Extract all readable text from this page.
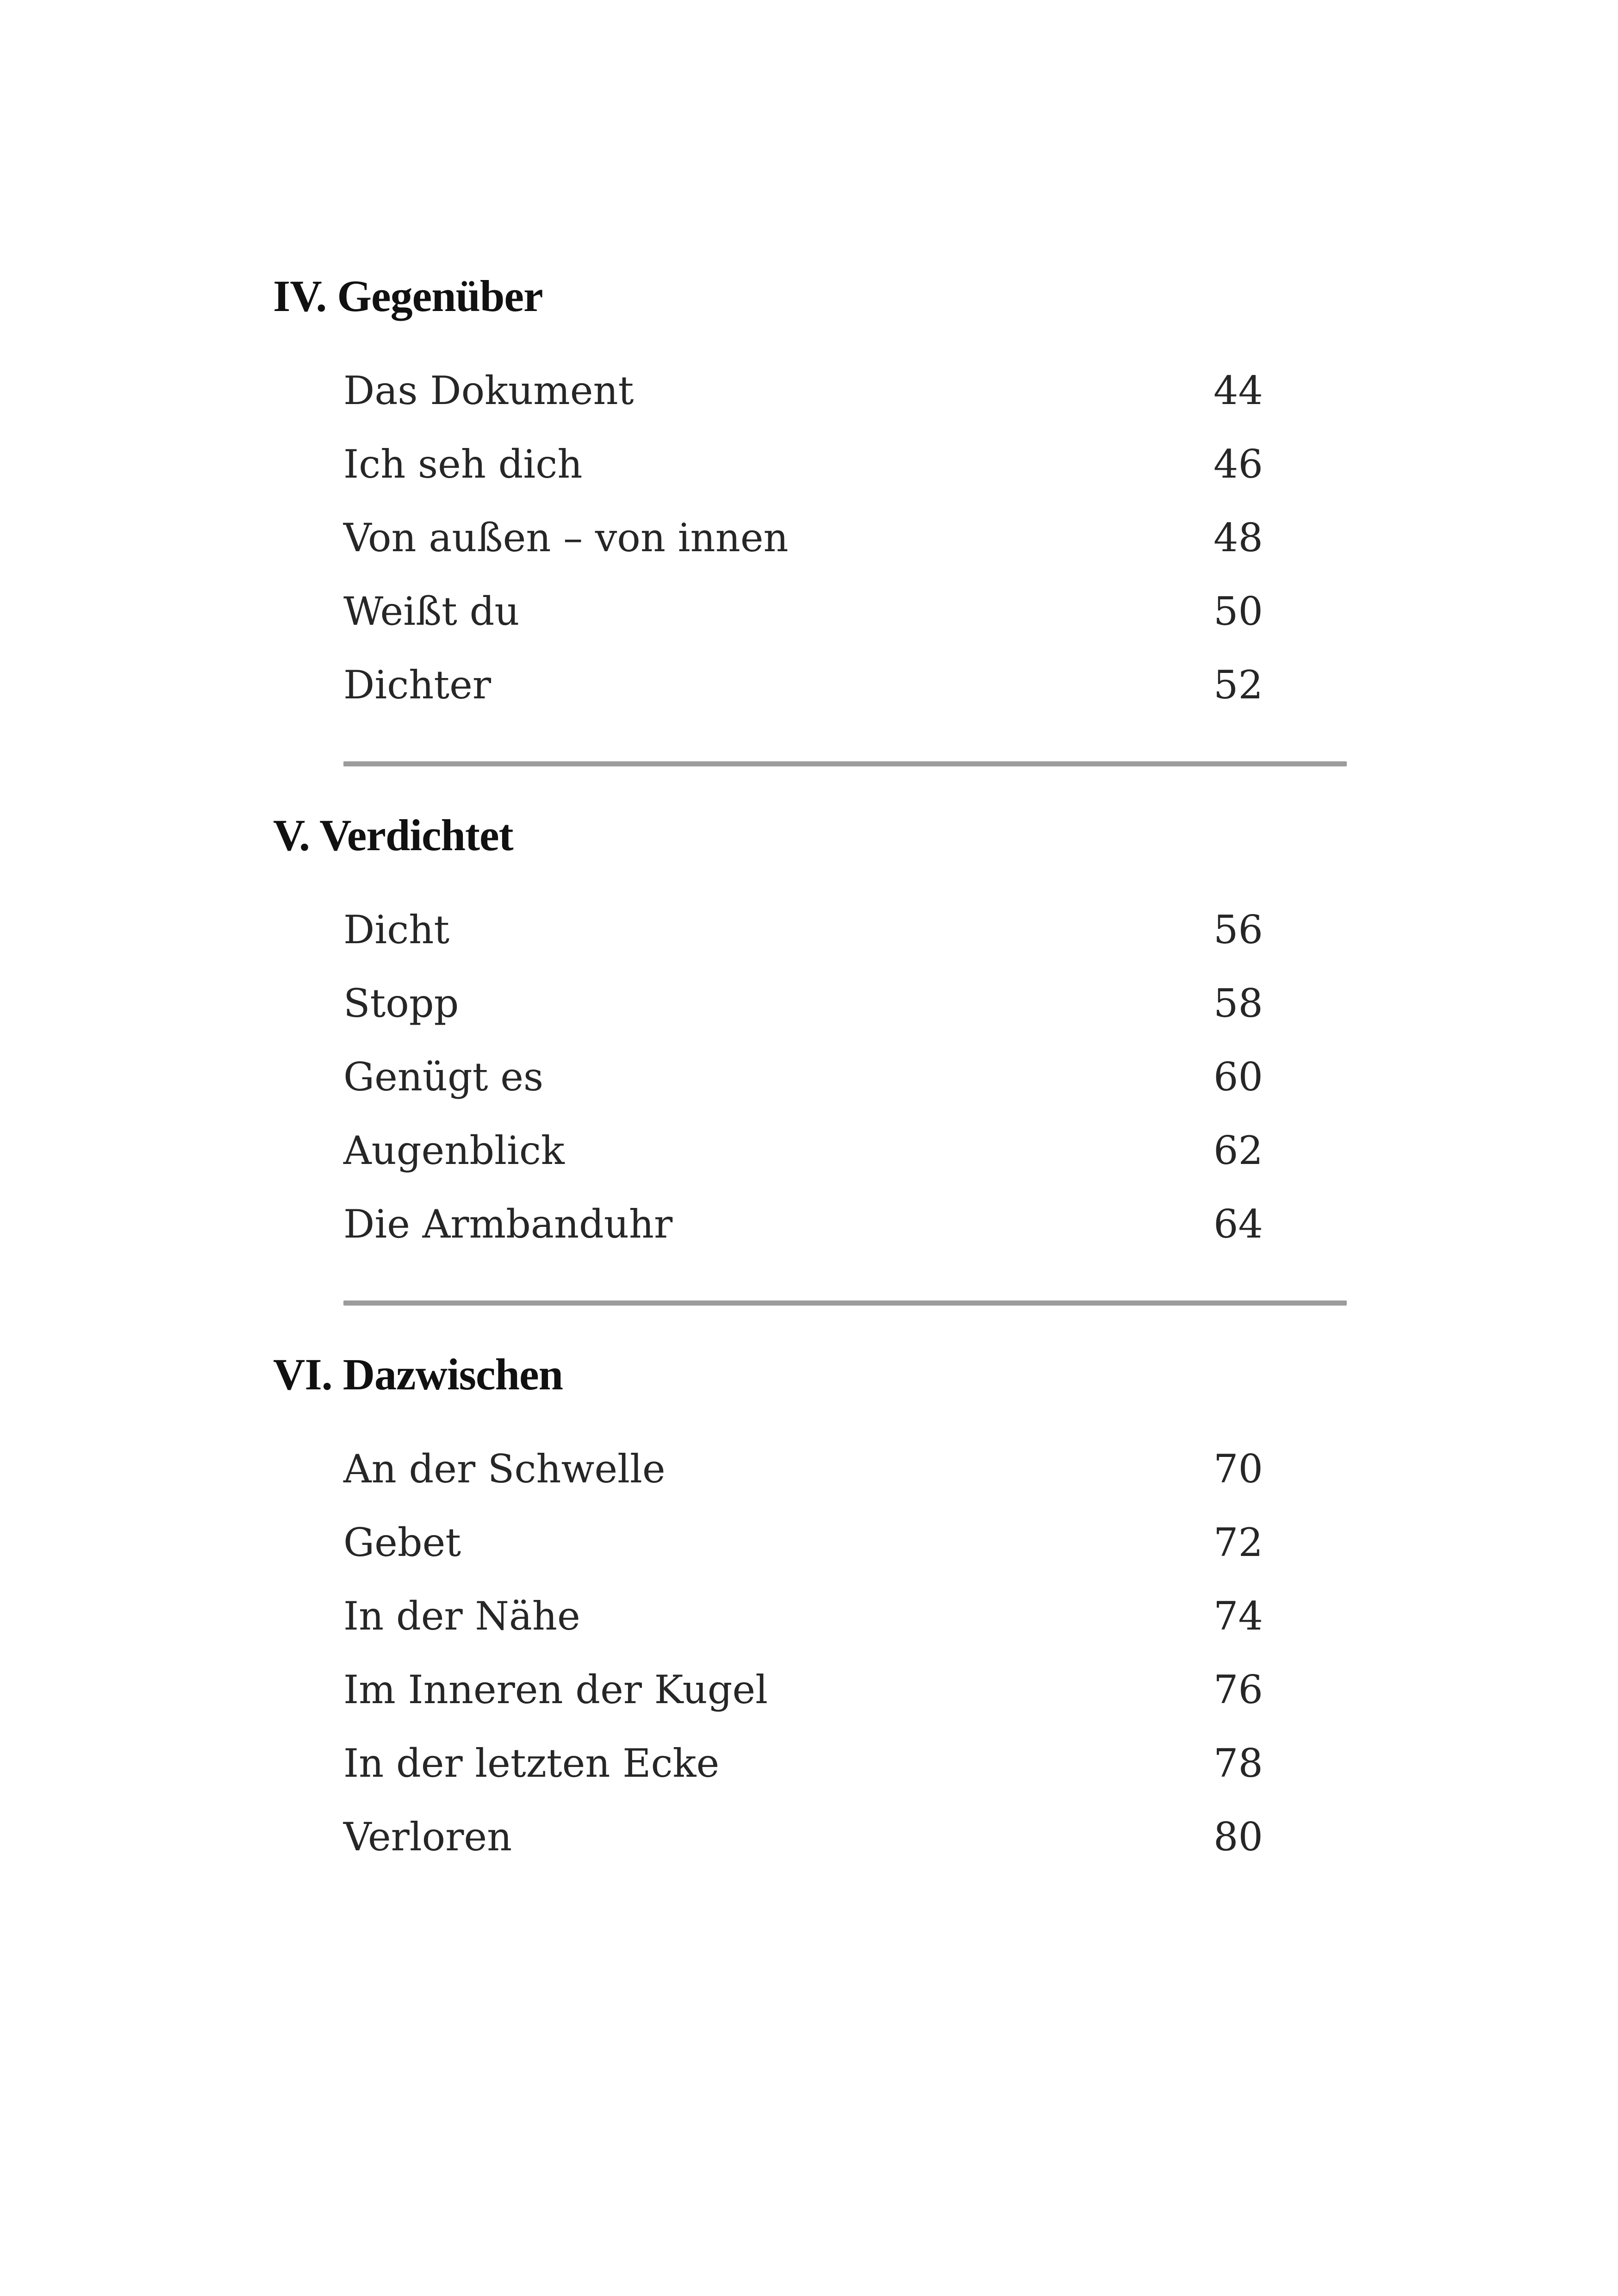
IV. Gegenüber
Das Dokument	44
Ich seh dich	46
Von außen – von innen	48
Weißt du	50
Dichter	52
V. Verdichtet
Dicht	56
Stopp	58
Genügt es	60
Augenblick	62
Die Armbanduhr	64
VI. Dazwischen
An der Schwelle	70
Gebet	72
In der Nähe	74
Im Inneren der Kugel	76
In der letzten Ecke	78
Verloren	80
